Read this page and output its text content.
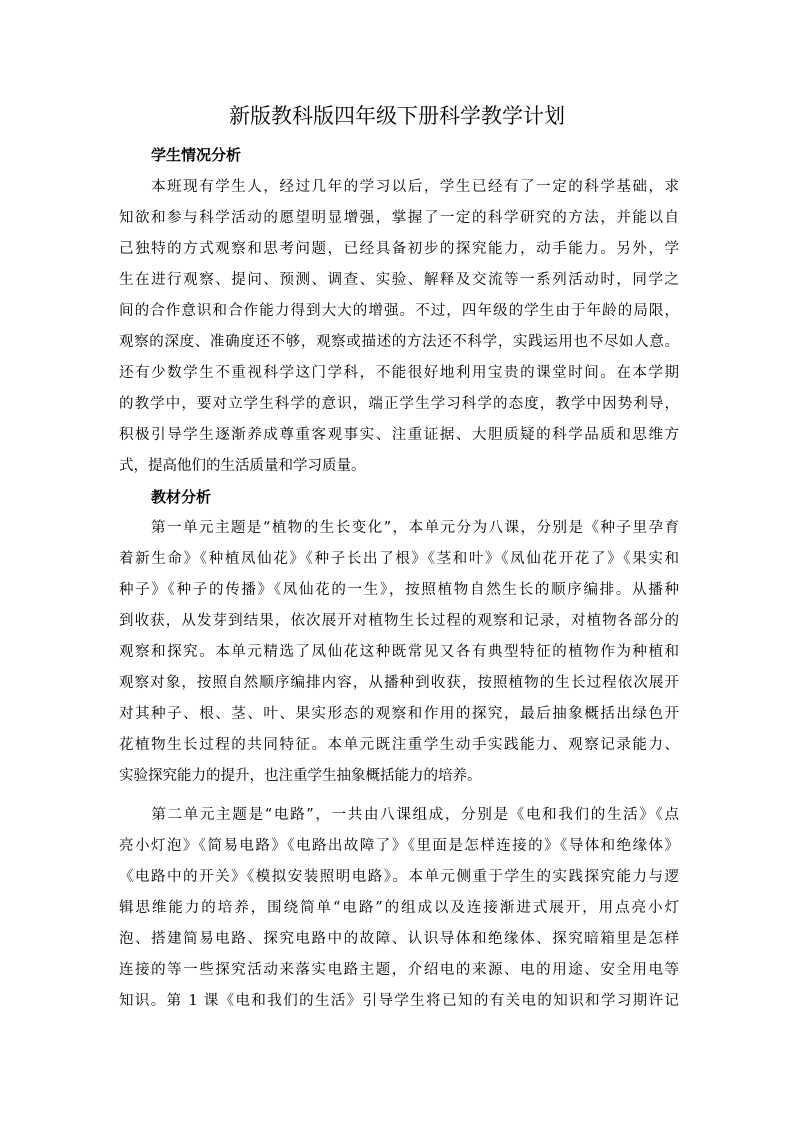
新版教科版四年级下册科学教学计划
学生情况分析
　　本班现有学生人，经过几年的学习以后，学生已经有了一定的科学基础，求
知欲和参与科学活动的愿望明显增强，掌握了一定的科学研究的方法，并能以自
己独特的方式观察和思考问题，已经具备初步的探究能力，动手能力。另外，学
生在进行观察、提问、预测、调查、实验、解释及交流等一系列活动时，同学之
间的合作意识和合作能力得到大大的增强。不过，四年级的学生由于年龄的局限，
观察的深度、准确度还不够，观察或描述的方法还不科学，实践运用也不尽如人意。
还有少数学生不重视科学这门学科，不能很好地利用宝贵的课堂时间。在本学期
的教学中，要对立学生科学的意识，端正学生学习科学的态度，教学中因势利导，
积极引导学生逐渐养成尊重客观事实、注重证据、大胆质疑的科学品质和思维方
式，提高他们的生活质量和学习质量。
教材分析
　　第一单元主题是“植物的生长变化”，本单元分为八课，分别是《种子里孕育
着新生命》《种植凤仙花》《种子长出了根》《茎和叶》《凤仙花开花了》《果实和
种子》《种子的传播》《凤仙花的一生》，按照植物自然生长的顺序编排。从播种
到收获，从发芽到结果，依次展开对植物生长过程的观察和记录，对植物各部分的
观察和探究。本单元精选了凤仙花这种既常见又各有典型特征的植物作为种植和
观察对象，按照自然顺序编排内容，从播种到收获，按照植物的生长过程依次展开
对其种子、根、茎、叶、果实形态的观察和作用的探究，最后抽象概括出绿色开
花植物生长过程的共同特征。本单元既注重学生动手实践能力、观察记录能力、
实验探究能力的提升，也注重学生抽象概括能力的培养。
　　第二单元主题是“电路”，一共由八课组成，分别是《电和我们的生活》《点
亮小灯泡》《简易电路》《电路出故障了》《里面是怎样连接的》《导体和绝缘体》
《电路中的开关》《模拟安装照明电路》。本单元侧重于学生的实践探究能力与逻
辑思维能力的培养，围绕简单“电路”的组成以及连接渐进式展开，用点亮小灯
泡、搭建简易电路、探究电路中的故障、认识导体和绝缘体、探究暗箱里是怎样
连接的等一些探究活动来落实电路主题，介绍电的来源、电的用途、安全用电等
知识。第 1 课《电和我们的生活》引导学生将已知的有关电的知识和学习期许记
